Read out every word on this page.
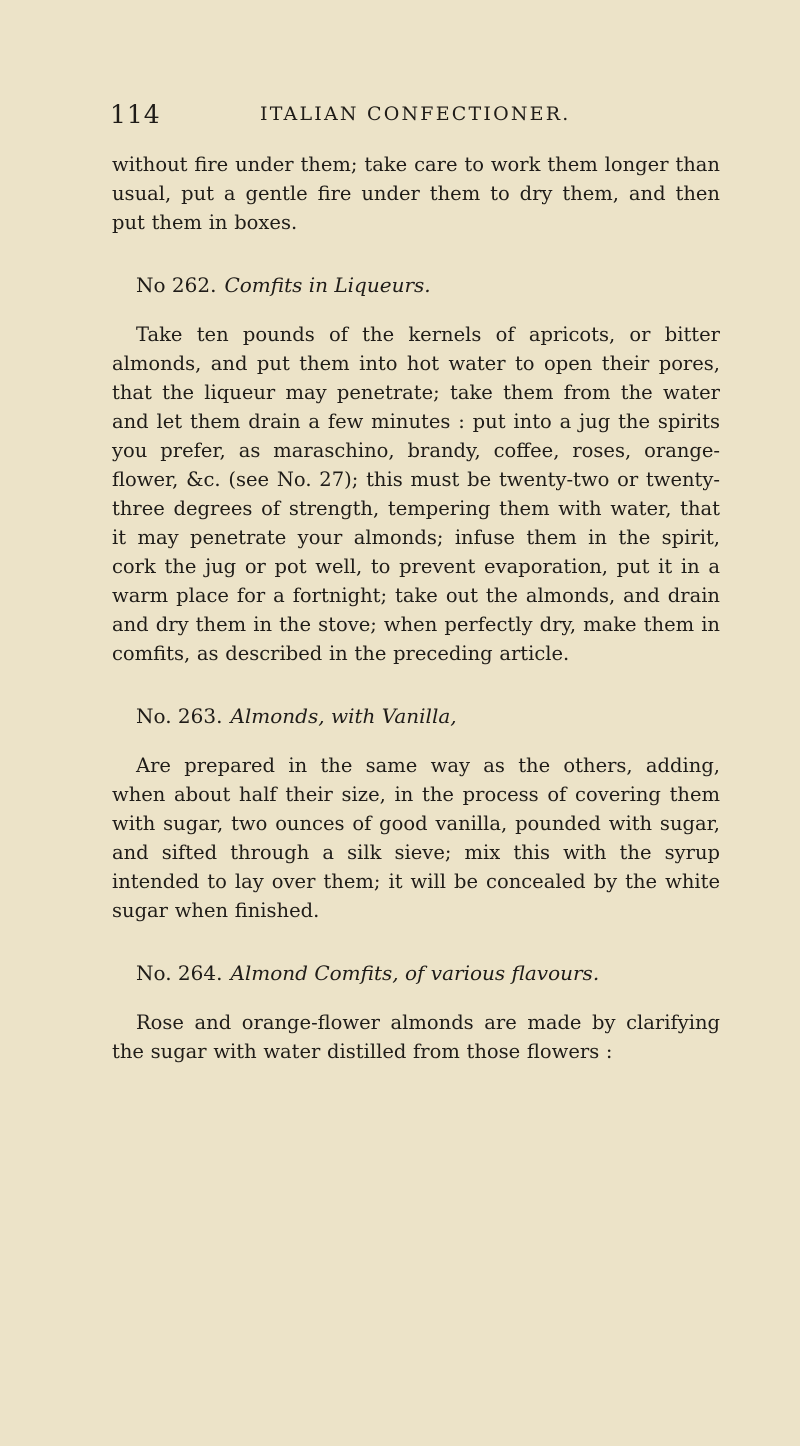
114	ITALIAN CONFECTIONER.

without fire under them; take care to work them longer than usual, put a gentle fire under them to dry them, and then put them in boxes.

No 262. Comfits in Liqueurs.

Take ten pounds of the kernels of apricots, or bitter almonds, and put them into hot water to open their pores, that the liqueur may penetrate; take them from the water and let them drain a few minutes : put into a jug the spirits you prefer, as maraschino, brandy, coffee, roses, orange-flower, &c. (see No. 27); this must be twenty-two or twenty-three degrees of strength, tempering them with water, that it may penetrate your almonds; infuse them in the spirit, cork the jug or pot well, to prevent evaporation, put it in a warm place for a fortnight; take out the almonds, and drain and dry them in the stove; when perfectly dry, make them in comfits, as described in the preceding article.

No. 263. Almonds, with Vanilla,

Are prepared in the same way as the others, adding, when about half their size, in the process of covering them with sugar, two ounces of good vanilla, pounded with sugar, and sifted through a silk sieve; mix this with the syrup intended to lay over them; it will be concealed by the white sugar when finished.

No. 264. Almond Comfits, of various flavours.

Rose and orange-flower almonds are made by clarifying the sugar with water distilled from those flowers :
